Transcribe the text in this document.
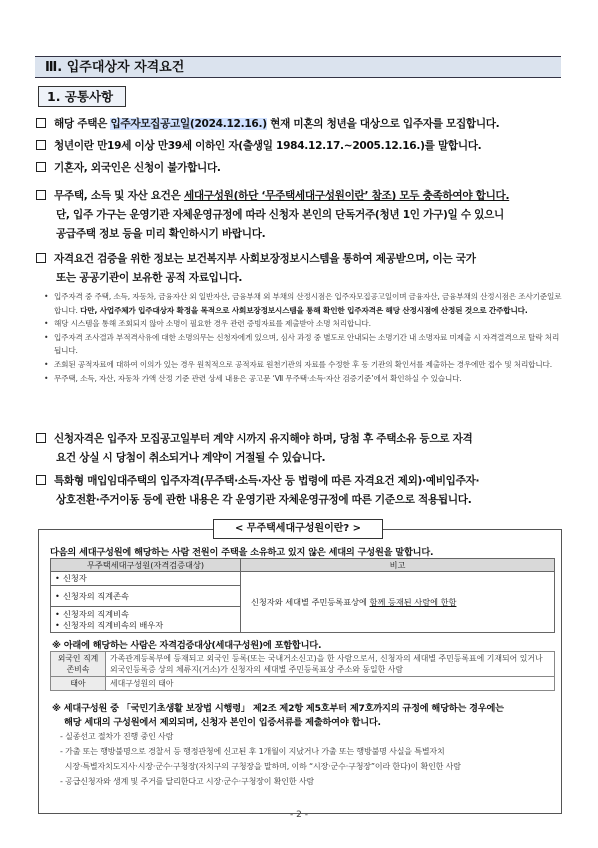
Ⅲ. 입주대상자 자격요건
1. 공통사항
해당 주택은 입주자모집공고일(2024.12.16.) 현재 미혼의 청년을 대상으로 입주자를 모집합니다.
청년이란 만19세 이상 만39세 이하인 자(출생일 1984.12.17.~2005.12.16.)를 말합니다.
기혼자, 외국인은 신청이 불가합니다.
무주택, 소득 및 자산 요건은 세대구성원(하단 ‘무주택세대구성원이란’ 참조) 모두 충족하여야 합니다.
단, 입주 가구는 운영기관 자체운영규정에 따라 신청자 본인의 단독거주(청년 1인 가구)일 수 있으니
공급주택 정보 등을 미리 확인하시기 바랍니다.
자격요건 검증을 위한 정보는 보건복지부 사회보장정보시스템을 통하여 제공받으며, 이는 국가
또는 공공기관이 보유한 공적 자료입니다.
• 입주자격 중 주택, 소득, 자동차, 금융자산 외 일반자산, 금융부채 외 부채의 산정시점은 입주자모집공고일이며 금융자산, 금융부채의 산정시점은 조사기준일로 합니다. 다만, 사업주체가 입주대상자 확정을 목적으로 사회보장정보시스템을 통해 확인한 입주자격은 해당 산정시점에 산정된 것으로 간주합니다.
• 해당 시스템을 통해 조회되지 않아 소명이 필요한 경우 관련 증빙자료를 제출받아 소명 처리합니다.
• 입주자격 조사결과 부적격사유에 대한 소명의무는 신청자에게 있으며, 심사 과정 중 별도로 안내되는 소명기간 내 소명자료 미제출 시 자격결격으로 탈락 처리 됩니다.
• 조회된 공적자료에 대하여 이의가 있는 경우 원칙적으로 공적자료 원천기관의 자료를 수정한 후 동 기관의 확인서를 제출하는 경우에만 접수 및 처리합니다.
• 무주택, 소득, 자산, 자동차 가액 산정 기준 관련 상세 내용은 공고문 ‘Ⅶ 무주택·소득·자산 검증기준’에서 확인하실 수 있습니다.
신청자격은 입주자 모집공고일부터 계약 시까지 유지해야 하며, 당첨 후 주택소유 등으로 자격
요건 상실 시 당첨이 취소되거나 계약이 거절될 수 있습니다.
특화형 매입임대주택의 입주자격(무주택·소득·자산 등 법령에 따른 자격요건 제외)·예비입주자·
상호전환·주거이동 등에 관한 내용은 각 운영기관 자체운영규정에 따른 기준으로 적용됩니다.
< 무주택세대구성원이란? >
다음의 세대구성원에 해당하는 사람 전원이 주택을 소유하고 있지 않은 세대의 구성원을 말합니다.
무주택세대구성원(자격검증대상)	비고

• 신청자	신청자와 세대별 주민등록표상에 함께 등재된 사람에 한함

• 신청자의 직계존속

• 신청자의 직계비속
• 신청자의 직계비속의 배우자
※ 아래에 해당하는 사람은 자격검증대상(세대구성원)에 포함합니다.
외국인 직계존비속	가족관계등록부에 등재되고 외국인 등록(또는 국내거소신고)을 한 사람으로서, 신청자의 세대별 주민등록표에 기재되어 있거나 외국인등록증 상의 체류지(거소)가 신청자의 세대별 주민등록표상 주소와 동일한 사람
태아	세대구성원의 태아
※ 세대구성원 중 「국민기초생활 보장법 시행령」 제2조 제2항 제5호부터 제7호까지의 규정에 해당하는 경우에는
해당 세대의 구성원에서 제외되며, 신청자 본인이 입증서류를 제출하여야 합니다.
- 실종선고 절차가 진행 중인 사람
- 가출 또는 행방불명으로 경찰서 등 행정관청에 신고된 후 1개월이 지났거나 가출 또는 행방불명 사실을 특별자치
시장·특별자치도지사·시장·군수·구청장(자치구의 구청장을 말하며, 이하 “시장·군수·구청장”이라 한다)이 확인한 사람
- 공급신청자와 생계 및 주거를 달리한다고 시장·군수·구청장이 확인한 사람
- 2 -
